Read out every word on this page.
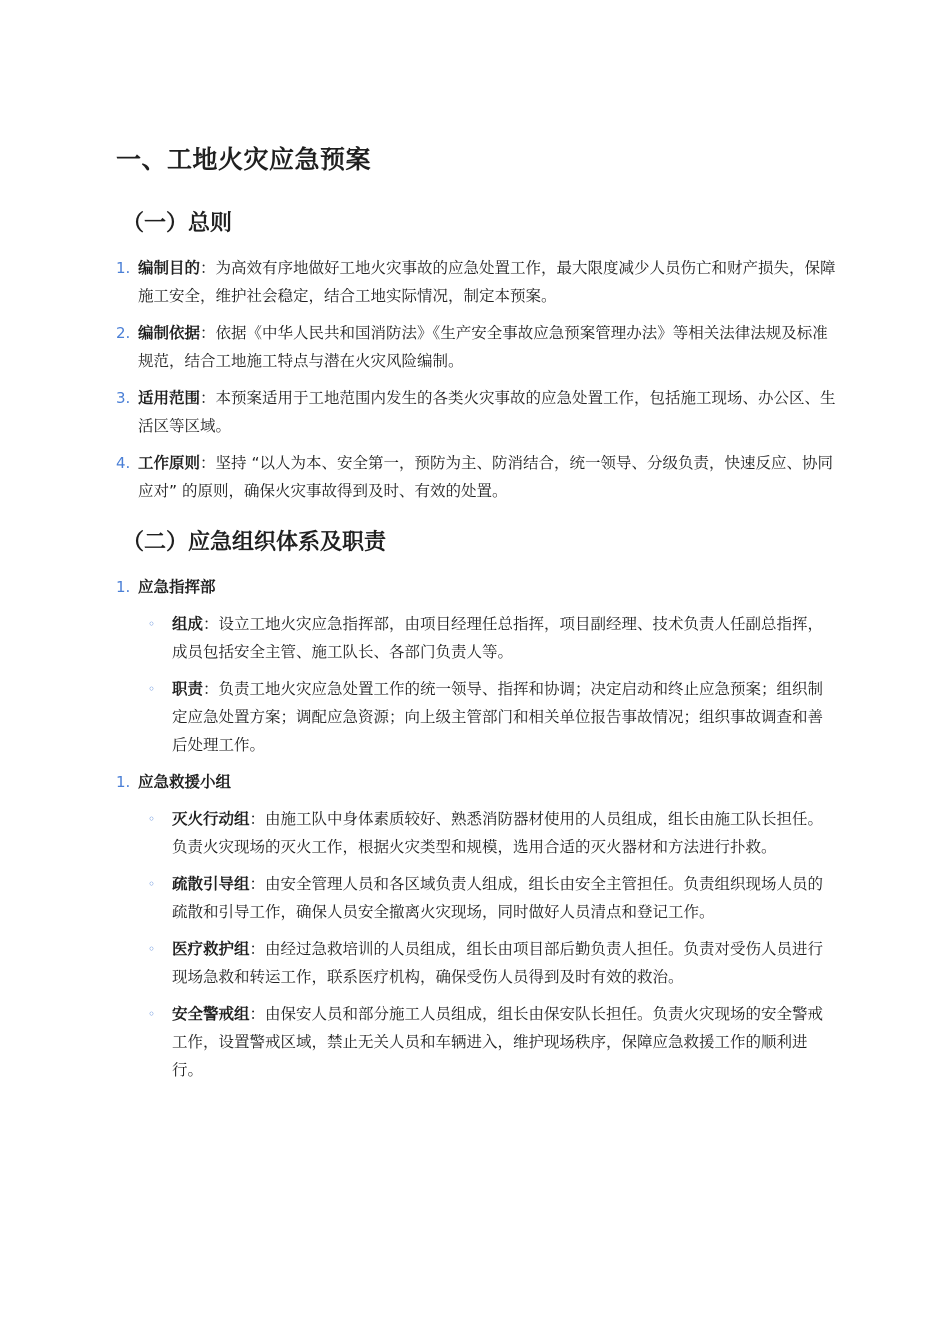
一、工地火灾应急预案
（一）总则
1. 编制目的：为高效有序地做好工地火灾事故的应急处置工作，最大限度减少人员伤亡和财产损失，保障施工安全，维护社会稳定，结合工地实际情况，制定本预案。
2. 编制依据：依据《中华人民共和国消防法》《生产安全事故应急预案管理办法》等相关法律法规及标准规范，结合工地施工特点与潜在火灾风险编制。
3. 适用范围：本预案适用于工地范围内发生的各类火灾事故的应急处置工作，包括施工现场、办公区、生活区等区域。
4. 工作原则：坚持 “以人为本、安全第一，预防为主、防消结合，统一领导、分级负责，快速反应、协同应对” 的原则，确保火灾事故得到及时、有效的处置。
（二）应急组织体系及职责
1. 应急指挥部
◦ 组成：设立工地火灾应急指挥部，由项目经理任总指挥，项目副经理、技术负责人任副总指挥，成员包括安全主管、施工队长、各部门负责人等。
◦ 职责：负责工地火灾应急处置工作的统一领导、指挥和协调；决定启动和终止应急预案；组织制定应急处置方案；调配应急资源；向上级主管部门和相关单位报告事故情况；组织事故调查和善后处理工作。
1. 应急救援小组
◦ 灭火行动组：由施工队中身体素质较好、熟悉消防器材使用的人员组成，组长由施工队长担任。负责火灾现场的灭火工作，根据火灾类型和规模，选用合适的灭火器材和方法进行扑救。
◦ 疏散引导组：由安全管理人员和各区域负责人组成，组长由安全主管担任。负责组织现场人员的疏散和引导工作，确保人员安全撤离火灾现场，同时做好人员清点和登记工作。
◦ 医疗救护组：由经过急救培训的人员组成，组长由项目部后勤负责人担任。负责对受伤人员进行现场急救和转运工作，联系医疗机构，确保受伤人员得到及时有效的救治。
◦ 安全警戒组：由保安人员和部分施工人员组成，组长由保安队长担任。负责火灾现场的安全警戒工作，设置警戒区域，禁止无关人员和车辆进入，维护现场秩序，保障应急救援工作的顺利进行。
